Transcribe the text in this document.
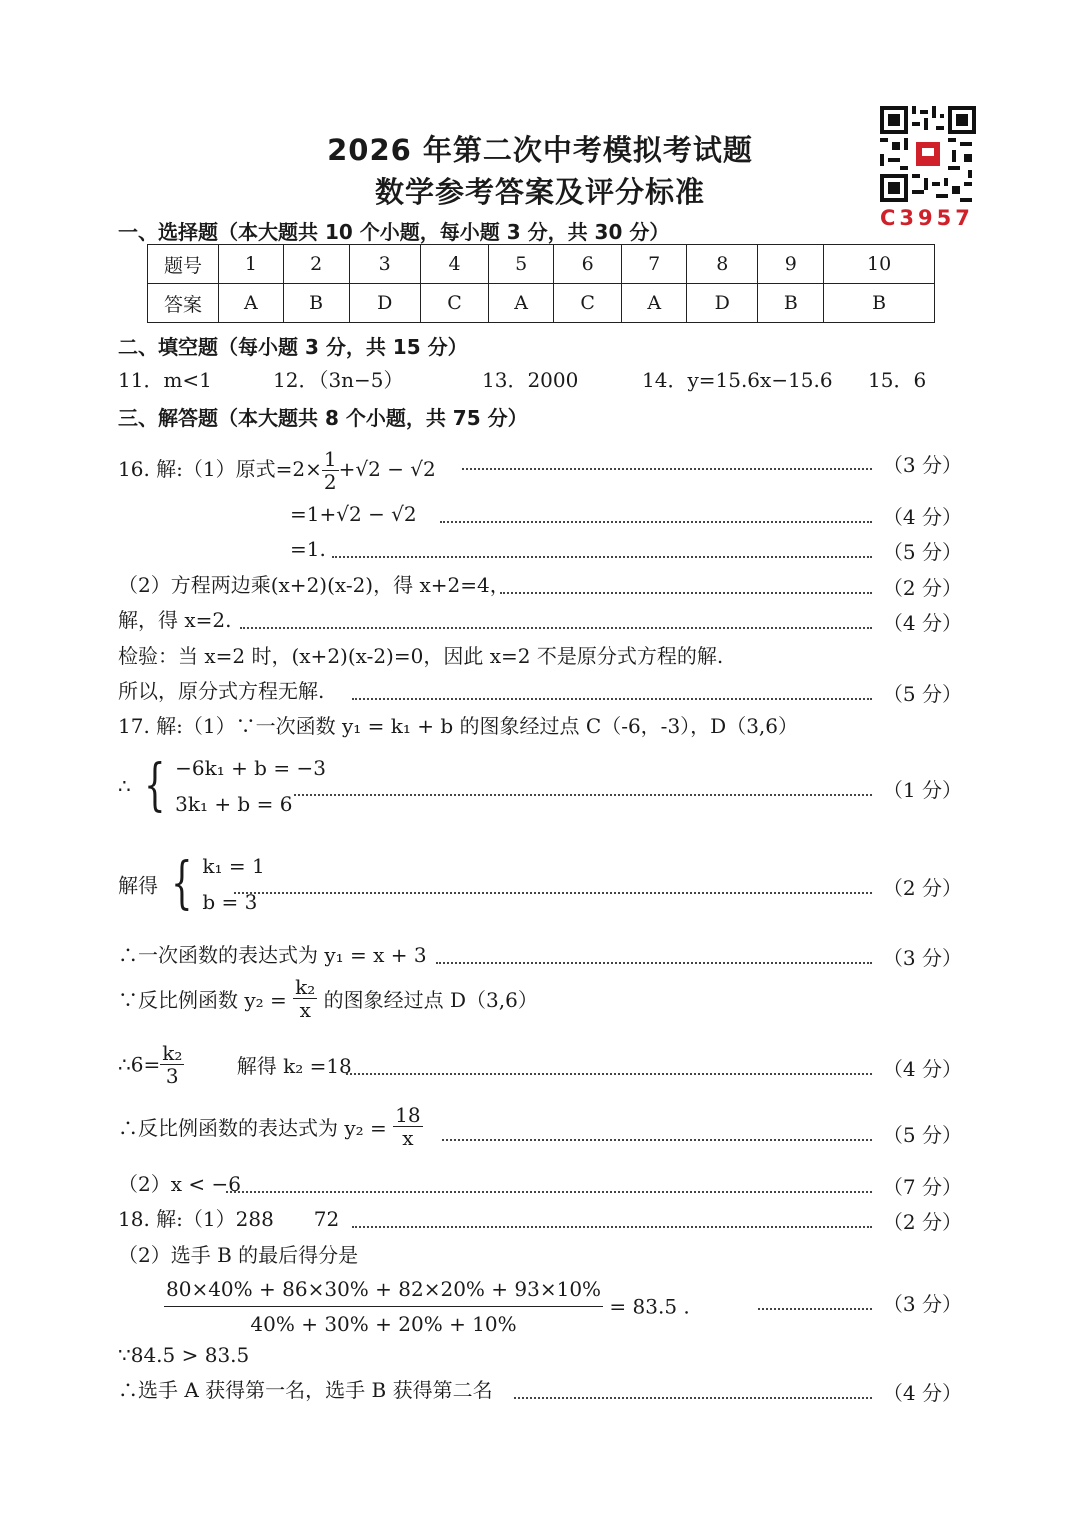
2026 年第二次中考模拟考试题
数学参考答案及评分标准
C3957
一、选择题（本大题共 10 个小题，每小题 3 分，共 30 分）
题号	1	2	3	4	5	6	7	8	9	10
答案	A	B	D	C	A	C	A	D	B	B
二、填空题（每小题 3 分，共 15 分）
11．m<1	12．（3n−5）	13．2000	14．y=15.6x−15.6 15．6
三、解答题（本大题共 8 个小题，共 75 分）
16. 解:（1）原式$=2\times \frac{1}{2} +√2 - √2$	（3 分）
=1+√2 − √2	（4 分）
=1.	（5 分）
（2）方程两边乘(x+2)(x-2)，得 x+2=4，	（2 分）
解，得 x=2.	（4 分）
检验：当 x=2 时，(x+2)(x-2)=0，因此 x=2 不是原分式方程的解.
所以，原分式方程无解.	（5 分）
17. 解:（1）∵一次函数 y₁ = k₁ + b 的图象经过点 C（-6，-3），D（3,6）
∴ { −6k₁ + b = −3
3k₁ + b = 6
（1 分）
解得 { k₁ = 1
b = 3
（2 分）
∴一次函数的表达式为 y₁ = x + 3	（3 分）
∵反比例函数 $y_2 = \frac{\text{k₂}}{x}$ 的图象经过点 D（3,6）
∴6= $\frac{\text{k₂}}{3}$	解得 k₂ =18	（4 分）
∴反比例函数的表达式为 $y_2 = \frac{18}{x}$	（5 分）
（2）x < −6	（7 分）
18. 解:（1）288　　72	（2 分）
（2）选手 B 的最后得分是
$\frac{80\times 40\% + 86\times 30\% + 82\times 20\% + 93\times 10\%}{40\% + 30\% + 20\% + 10\%} = 83.5$ .	（3 分）
∵84.5 > 83.5
∴选手 A 获得第一名，选手 B 获得第二名	（4 分）
